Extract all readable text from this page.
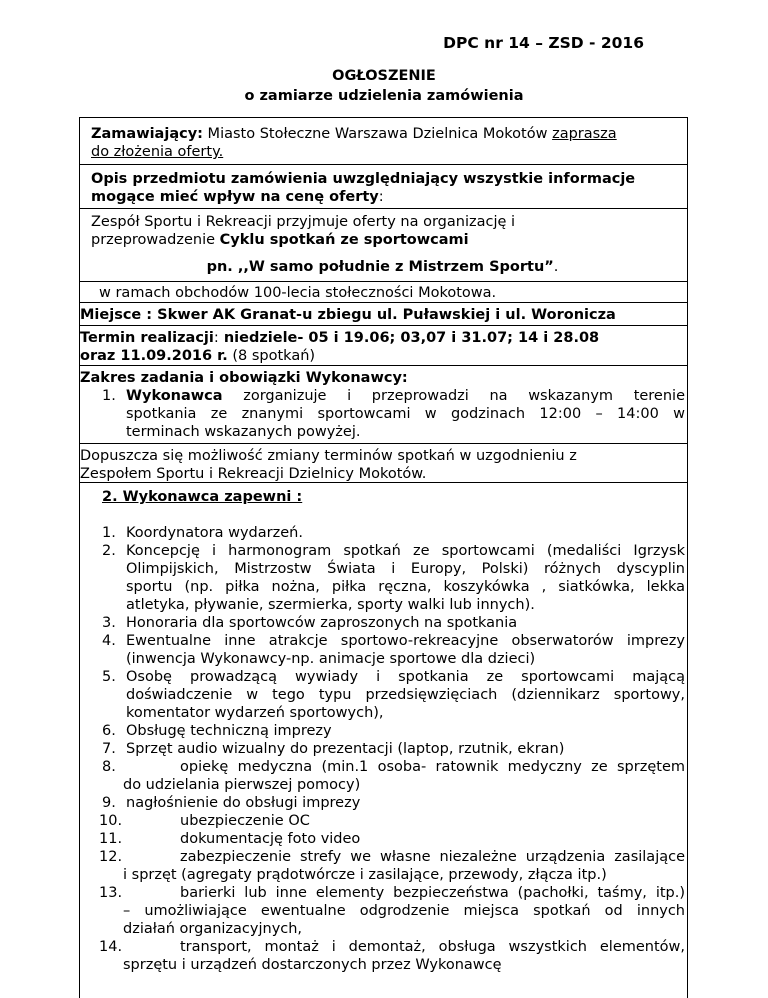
DPC nr 14 – ZSD - 2016
OGŁOSZENIE
o zamiarze udzielenia zamówienia
Zamawiający: Miasto Stołeczne Warszawa Dzielnica Mokotów zaprasza
do złożenia oferty.
Opis przedmiotu zamówienia uwzględniający wszystkie informacje
mogące mieć wpływ na cenę oferty:
Zespół Sportu i Rekreacji przyjmuje oferty na organizację i
przeprowadzenie Cyklu spotkań ze sportowcami
pn. ,,W samo południe z Mistrzem Sportu”.
w ramach obchodów 100-lecia stołeczności Mokotowa.
Miejsce : Skwer AK Granat-u zbiegu ul. Puławskiej i ul. Woronicza
Termin realizacji: niedziele- 05 i 19.06; 03,07 i 31.07; 14 i 28.08
oraz 11.09.2016 r. (8 spotkań)
Zakres zadania i obowiązki Wykonawcy:
1. Wykonawca zorganizuje i przeprowadzi na wskazanym terenie
spotkania ze znanymi sportowcami w godzinach 12:00 – 14:00 w
terminach wskazanych powyżej.
Dopuszcza się możliwość zmiany terminów spotkań w uzgodnieniu z
Zespołem Sportu i Rekreacji Dzielnicy Mokotów.
2. Wykonawca zapewni :
1. Koordynatora wydarzeń.
2. Koncepcję i harmonogram spotkań ze sportowcami (medaliści Igrzysk
Olimpijskich, Mistrzostw Świata i Europy, Polski) różnych dyscyplin
sportu (np. piłka nożna, piłka ręczna, koszykówka , siatkówka, lekka
atletyka, pływanie, szermierka, sporty walki lub innych).
3. Honoraria dla sportowców zaproszonych na spotkania
4. Ewentualne inne atrakcje sportowo-rekreacyjne obserwatorów imprezy
(inwencja Wykonawcy-np. animacje sportowe dla dzieci)
5. Osobę prowadzącą wywiady i spotkania ze sportowcami mającą
doświadczenie w tego typu przedsięwzięciach (dziennikarz sportowy,
komentator wydarzeń sportowych),
6. Obsługę techniczną imprezy
7. Sprzęt audio wizualny do prezentacji (laptop, rzutnik, ekran)
8.	opiekę medyczna (min.1 osoba- ratownik medyczny ze sprzętem
do udzielania pierwszej pomocy)
9. nagłośnienie do obsługi imprezy
10.	ubezpieczenie OC
11.	dokumentację foto video
12.	zabezpieczenie strefy we własne niezależne urządzenia zasilające
i sprzęt (agregaty prądotwórcze i zasilające, przewody, złącza itp.)
13.	barierki lub inne elementy bezpieczeństwa (pachołki, taśmy, itp.)
– umożliwiające ewentualne odgrodzenie miejsca spotkań od innych
działań organizacyjnych,
14.	transport, montaż i demontaż, obsługa wszystkich elementów,
sprzętu i urządzeń dostarczonych przez Wykonawcę
